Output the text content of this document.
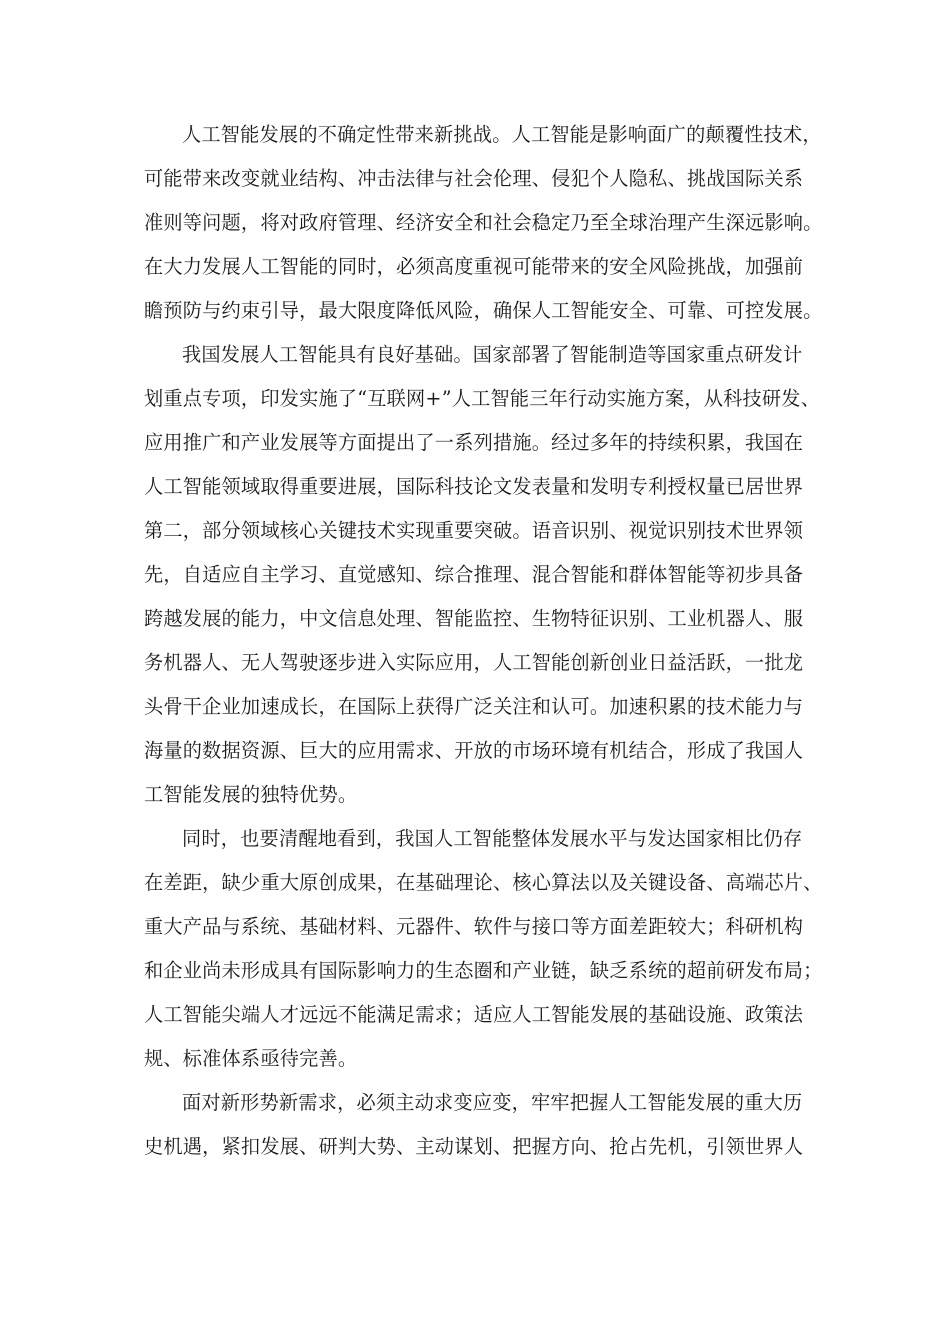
人工智能发展的不确定性带来新挑战。人工智能是影响面广的颠覆性技术，
可能带来改变就业结构、冲击法律与社会伦理、侵犯个人隐私、挑战国际关系
准则等问题，将对政府管理、经济安全和社会稳定乃至全球治理产生深远影响。
在大力发展人工智能的同时，必须高度重视可能带来的安全风险挑战，加强前
瞻预防与约束引导，最大限度降低风险，确保人工智能安全、可靠、可控发展。
我国发展人工智能具有良好基础。国家部署了智能制造等国家重点研发计
划重点专项，印发实施了“互联网+”人工智能三年行动实施方案，从科技研发、
应用推广和产业发展等方面提出了一系列措施。经过多年的持续积累，我国在
人工智能领域取得重要进展，国际科技论文发表量和发明专利授权量已居世界
第二，部分领域核心关键技术实现重要突破。语音识别、视觉识别技术世界领
先，自适应自主学习、直觉感知、综合推理、混合智能和群体智能等初步具备
跨越发展的能力，中文信息处理、智能监控、生物特征识别、工业机器人、服
务机器人、无人驾驶逐步进入实际应用，人工智能创新创业日益活跃，一批龙
头骨干企业加速成长，在国际上获得广泛关注和认可。加速积累的技术能力与
海量的数据资源、巨大的应用需求、开放的市场环境有机结合，形成了我国人
工智能发展的独特优势。
同时，也要清醒地看到，我国人工智能整体发展水平与发达国家相比仍存
在差距，缺少重大原创成果，在基础理论、核心算法以及关键设备、高端芯片、
重大产品与系统、基础材料、元器件、软件与接口等方面差距较大；科研机构
和企业尚未形成具有国际影响力的生态圈和产业链，缺乏系统的超前研发布局；
人工智能尖端人才远远不能满足需求；适应人工智能发展的基础设施、政策法
规、标准体系亟待完善。
面对新形势新需求，必须主动求变应变，牢牢把握人工智能发展的重大历
史机遇，紧扣发展、研判大势、主动谋划、把握方向、抢占先机，引领世界人
